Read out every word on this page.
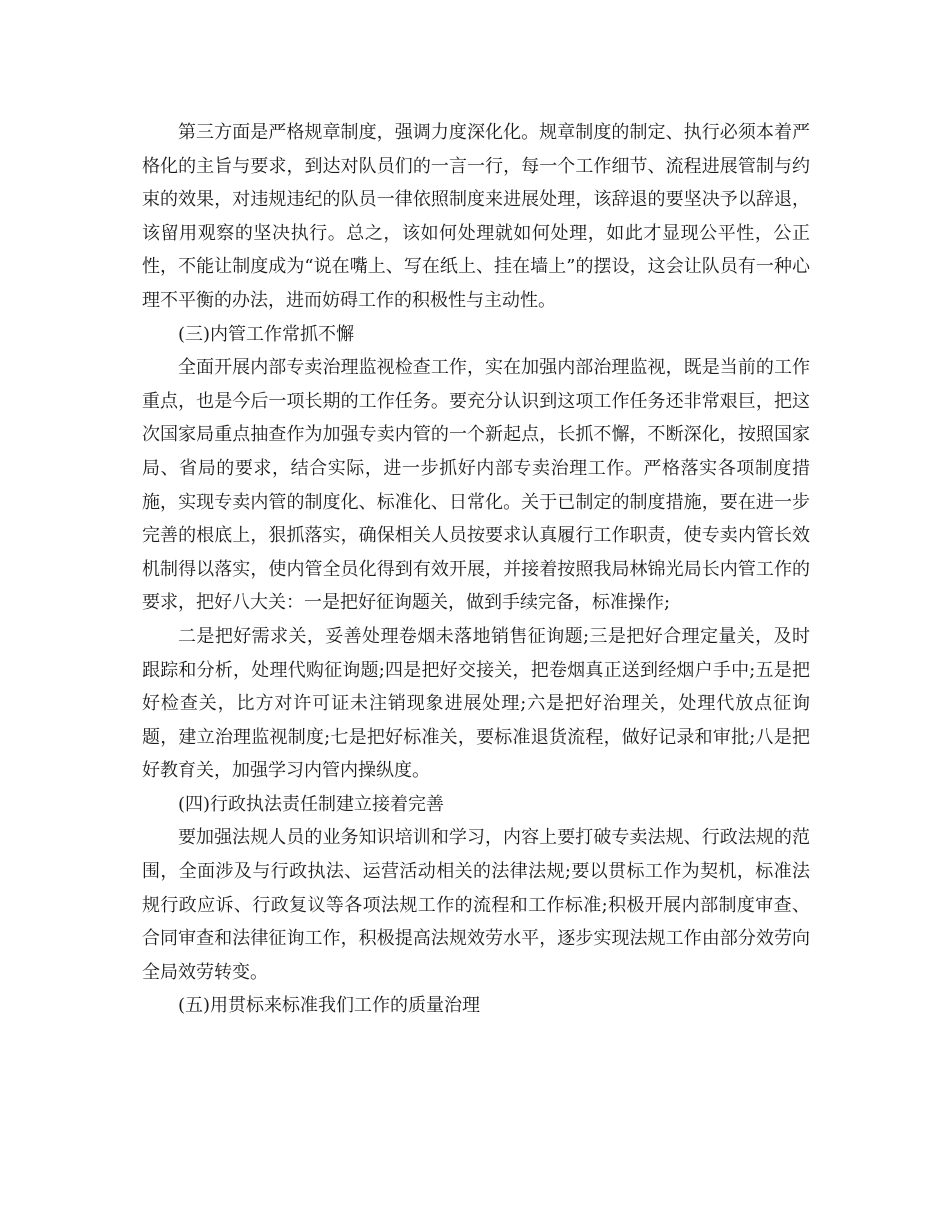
第三方面是严格规章制度，强调力度深化化。规章制度的制定、执行必须本着严格化的主旨与要求，到达对队员们的一言一行，每一个工作细节、流程进展管制与约束的效果，对违规违纪的队员一律依照制度来进展处理，该辞退的要坚决予以辞退，该留用观察的坚决执行。总之，该如何处理就如何处理，如此才显现公平性，公正性，不能让制度成为“说在嘴上、写在纸上、挂在墙上”的摆设，这会让队员有一种心理不平衡的办法，进而妨碍工作的积极性与主动性。

(三)内管工作常抓不懈

全面开展内部专卖治理监视检查工作，实在加强内部治理监视，既是当前的工作重点，也是今后一项长期的工作任务。要充分认识到这项工作任务还非常艰巨，把这次国家局重点抽查作为加强专卖内管的一个新起点，长抓不懈，不断深化，按照国家局、省局的要求，结合实际，进一步抓好内部专卖治理工作。严格落实各项制度措施，实现专卖内管的制度化、标准化、日常化。关于已制定的制度措施，要在进一步完善的根底上，狠抓落实，确保相关人员按要求认真履行工作职责，使专卖内管长效机制得以落实，使内管全员化得到有效开展，并接着按照我局林锦光局长内管工作的要求，把好八大关：一是把好征询题关，做到手续完备，标准操作;

二是把好需求关，妥善处理卷烟未落地销售征询题;三是把好合理定量关，及时跟踪和分析，处理代购征询题;四是把好交接关，把卷烟真正送到经烟户手中;五是把好检查关，比方对许可证未注销现象进展处理;六是把好治理关，处理代放点征询题，建立治理监视制度;七是把好标准关，要标准退货流程，做好记录和审批;八是把好教育关，加强学习内管内操纵度。

(四)行政执法责任制建立接着完善

要加强法规人员的业务知识培训和学习，内容上要打破专卖法规、行政法规的范围，全面涉及与行政执法、运营活动相关的法律法规;要以贯标工作为契机，标准法规行政应诉、行政复议等各项法规工作的流程和工作标准;积极开展内部制度审查、合同审查和法律征询工作，积极提高法规效劳水平，逐步实现法规工作由部分效劳向全局效劳转变。

(五)用贯标来标准我们工作的质量治理
